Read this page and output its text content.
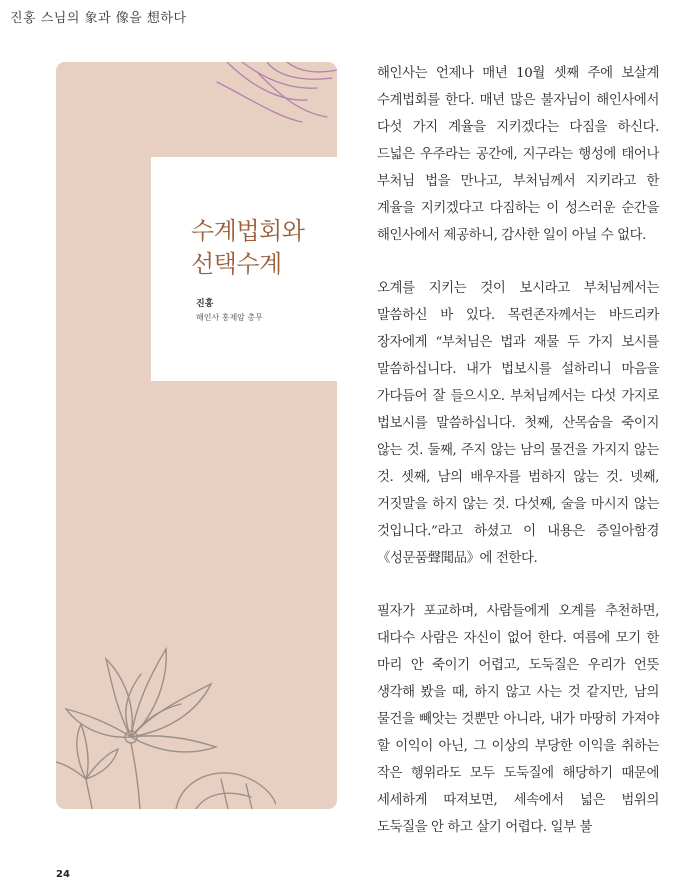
진홍 스님의 象과 像을 想하다
수계법회와
선택수계
진홍
해인사 홍제암 총무

해인사는 언제나 매년 10월 셋째 주에 보살계 수계법회를 한다. 매년 많은 불자님이 해인사에서 다섯 가지 계율을 지키겠다는 다짐을 하신다. 드넓은 우주라는 공간에, 지구라는 행성에 태어나 부처님 법을 만나고, 부처님께서 지키라고 한 계율을 지키겠다고 다짐하는 이 성스러운 순간을 해인사에서 제공하니, 감사한 일이 아닐 수 없다.

오계를 지키는 것이 보시라고 부처님께서는 말씀하신 바 있다. 목련존자께서는 바드리카 장자에게 “부처님은 법과 재물 두 가지 보시를 말씀하십니다. 내가 법보시를 설하리니 마음을 가다듬어 잘 들으시오. 부처님께서는 다섯 가지로 법보시를 말씀하십니다. 첫째, 산목숨을 죽이지 않는 것. 둘째, 주지 않는 남의 물건을 가지지 않는 것. 셋째, 남의 배우자를 범하지 않는 것. 넷째, 거짓말을 하지 않는 것. 다섯째, 술을 마시지 않는 것입니다.”라고 하셨고 이 내용은 증일아함경《성문품聲聞品》에 전한다.

필자가 포교하며, 사람들에게 오계를 추천하면, 대다수 사람은 자신이 없어 한다. 여름에 모기 한 마리 안 죽이기 어렵고, 도둑질은 우리가 언뜻 생각해 봤을 때, 하지 않고 사는 것 같지만, 남의 물건을 빼앗는 것뿐만 아니라, 내가 마땅히 가져야 할 이익이 아닌, 그 이상의 부당한 이익을 취하는 작은 행위라도 모두 도둑질에 해당하기 때문에 세세하게 따져보면, 세속에서 넓은 범위의 도둑질을 안 하고 살기 어렵다. 일부 불

24
